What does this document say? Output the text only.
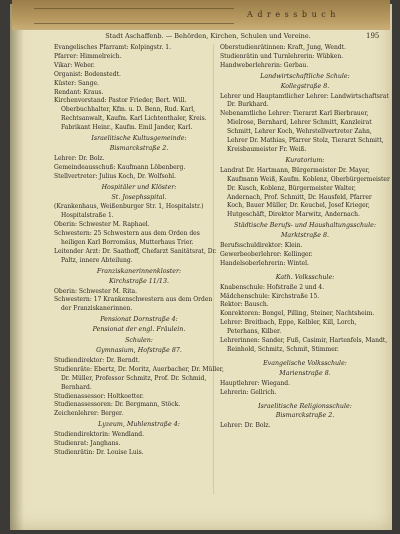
A d r e s s b u c h
Stadt Aschaffenb. — Behörden, Kirchen, Schulen und Vereine.	195

Evangelisches Pfarramt: Kolpingstr. 1.

Pfarrer: Himmelreich.

Vikar: Weber.

Organist: Bodenstedt.

Küster: Sange.

Rendant: Kraus.

Kirchenvorstand: Pastor Frieder, Bert. Will. Oberbuchhalter, Kfm. u. D. Benn, Rud. Karl, Rechtsanwalt, Kaufm. Karl Lichtenthaler, Kreis. Fabrikant Heinr., Kaufm. Emil Jander, Karl.

Israelitische Kultusgemeinde:
Bismarckstraße 2.

Lehrer: Dr. Bolz.

Gemeindeausschuß: Kaufmann Löbenberg.

Stellvertreter: Julius Koch, Dr. Wolfsohl.

Hospitäler und Klöster:
St. Josephsspital.

(Krankenhaus, Weißenburger Str. 1, Hospitalstr.) Hospitalstraße 1.

Oberin: Schwester M. Raphael.

Schwestern: 25 Schwestern aus dem Orden des heiligen Karl Borromäus, Mutterhaus Trier.

Leitender Arzt: Dr. Saathoff, Chefarzt Sanitätsrat, Dr. Paltz, innere Abteilung.

Franziskanerinnenkloster:
Kirchstraße 11/13.

Oberin: Schwester M. Rita.

Schwestern: 17 Krankenschwestern aus dem Orden der Franziskanerinnen.

Pensionat Dornstraße 4:
Pensionat der engl. Fräulein.
Schulen:
Gymnasium, Hofstraße 87.

Studiendirektor: Dr. Berndt.

Studienräte: Ebertz, Dr. Moritz, Auerbacher, Dr. Müller, Dr. Müller, Professor Schmitz, Prof. Dr. Schmid, Bernhard.

Studienassessor: Holtkoetter.

Studienassessoren: Dr. Bergmann, Stöck.

Zeichenlehrer: Berger.

Lyzeum, Muhlenstraße 4:

Studiendirektorin: Wendland.

Studienrat: Janghans.

Studienrätin: Dr. Louise Luis.

Oberstudienrätinnen: Kraft, Jung, Wendt.

Studienrätin und Turnlehrerin: Wübken.

Handweberlehrerin: Gerbau.

Landwirtschaftliche Schule:
Kollegstraße 8.

Lehrer und Hauptamtlicher Lehrer: Landwirtschaftsrat Dr. Burkhard.

Nebenamtliche Lehrer: Tierarzt Karl Bierbrauer, Mielrose, Bernhard, Lehrer Schmitt, Kanzleirat Schmitt, Lehrer Koch, Wehrstellvertreter Zahn, Lehrer Dr. Mathias, Pfarrer Stolz, Tierarzt Schmitt, Kreisbaumeister Fr. Weiß.

Kuratorium:

Landrat Dr. Hartmann, Bürgermeister Dr. Mayer, Kaufmann Weiß, Kaufm. Koblenz, Oberbürgermeister Dr. Kusch, Koblenz, Bürgermeister Walter, Andernach, Prof. Schmitt, Dr. Hausfeld, Pfarrer Koch, Bauer Müller, Dr. Keuchel, Josef Krieger, Hutgeschäft, Direktor Marwitz, Andernach.

Städtische Berufs- und Haushaltungsschule:
Marktstraße 8.

Berufsschuldirektor: Klein.

Gewerbeoberlehrer: Kellinger.

Handelsoberlehrerin: Wintel.

Kath. Volksschule:

Knabenschule: Hofstraße 2 und 4.

Mädchenschule: Kirchstraße 15.

Rektor: Bausch.

Konrektoren: Bongel, Pilling, Steiner, Nachtsheim.

Lehrer: Breitbach, Eppe, Kelbler, Kill, Lorch, Peterhans, Kilber.

Lehrerinnen: Sander, Fuß, Casimir, Hartenfels, Mandt, Reinhold, Schmitz, Schmit, Stimmer.

Evangelische Volksschule:
Marienstraße 8.

Hauptlehrer: Wiegand.

Lehrerin: Gellrich.

Israelitische Religionsschule:
Bismarckstraße 2.

Lehrer: Dr. Bolz.
